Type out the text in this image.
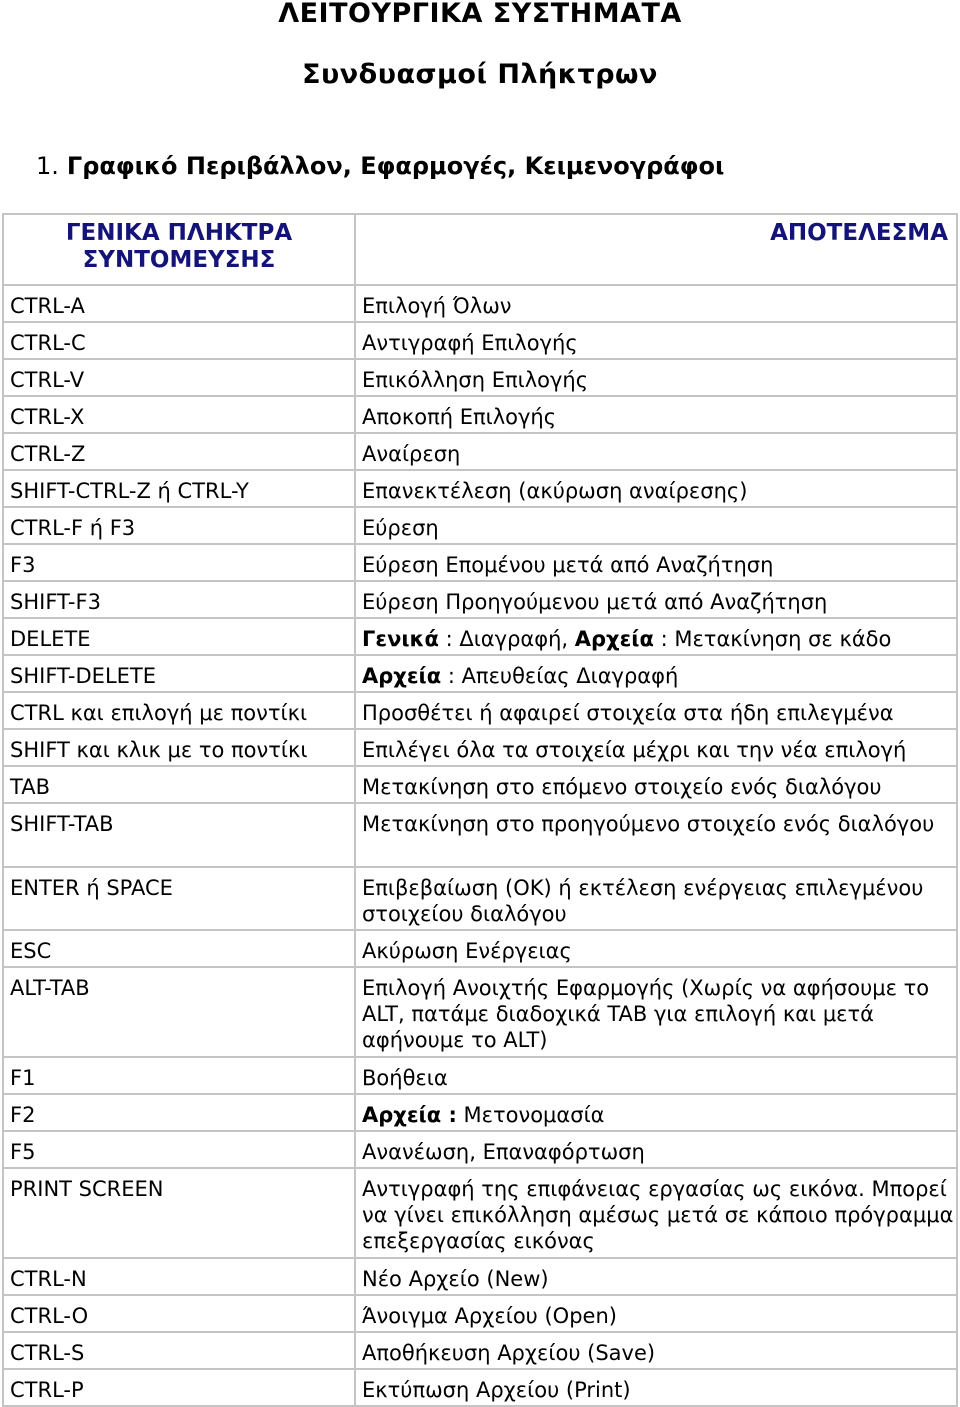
ΛΕΙΤΟΥΡΓΙΚΑ ΣΥΣΤΗΜΑΤΑ
Συνδυασμοί Πλήκτρων
1. Γραφικό Περιβάλλον, Εφαρμογές, Κειμενογράφοι
ΓΕΝΙΚΑ ΠΛΗΚΤΡΑ ΣΥΝΤΟΜΕΥΣΗΣ	ΑΠΟΤΕΛΕΣΜΑ
CTRL-A	Επιλογή Όλων
CTRL-C	Αντιγραφή Επιλογής
CTRL-V	Επικόλληση Επιλογής
CTRL-X	Αποκοπή Επιλογής
CTRL-Z	Αναίρεση
SHIFT-CTRL-Z ή CTRL-Y	Επανεκτέλεση (ακύρωση αναίρεσης)
CTRL-F ή F3	Εύρεση
F3	Εύρεση Επομένου μετά από Αναζήτηση
SHIFT-F3	Εύρεση Προηγούμενου μετά από Αναζήτηση
DELETE	Γενικά : Διαγραφή, Αρχεία : Μετακίνηση σε κάδο
SHIFT-DELETE	Αρχεία : Απευθείας Διαγραφή
CTRL και επιλογή με ποντίκι	Προσθέτει ή αφαιρεί στοιχεία στα ήδη επιλεγμένα
SHIFT και κλικ με το ποντίκι	Επιλέγει όλα τα στοιχεία μέχρι και την νέα επιλογή
TAB	Μετακίνηση στο επόμενο στοιχείο ενός διαλόγου
SHIFT-TAB	Μετακίνηση στο προηγούμενο στοιχείο ενός διαλόγου
ENTER ή SPACE	Επιβεβαίωση (OK) ή εκτέλεση ενέργειας επιλεγμένου στοιχείου διαλόγου
ESC	Ακύρωση Ενέργειας
ALT-TAB	Επιλογή Ανοιχτής Εφαρμογής (Χωρίς να αφήσουμε το ALT, πατάμε διαδοχικά TAB για επιλογή και μετά αφήνουμε το ALT)
F1	Βοήθεια
F2	Αρχεία : Μετονομασία
F5	Ανανέωση, Επαναφόρτωση
PRINT SCREEN	Αντιγραφή της επιφάνειας εργασίας ως εικόνα. Μπορεί να γίνει επικόλληση αμέσως μετά σε κάποιο πρόγραμμα επεξεργασίας εικόνας
CTRL-N	Νέο Αρχείο (New)
CTRL-O	Άνοιγμα Αρχείου (Open)
CTRL-S	Αποθήκευση Αρχείου (Save)
CTRL-P	Εκτύπωση Αρχείου (Print)
